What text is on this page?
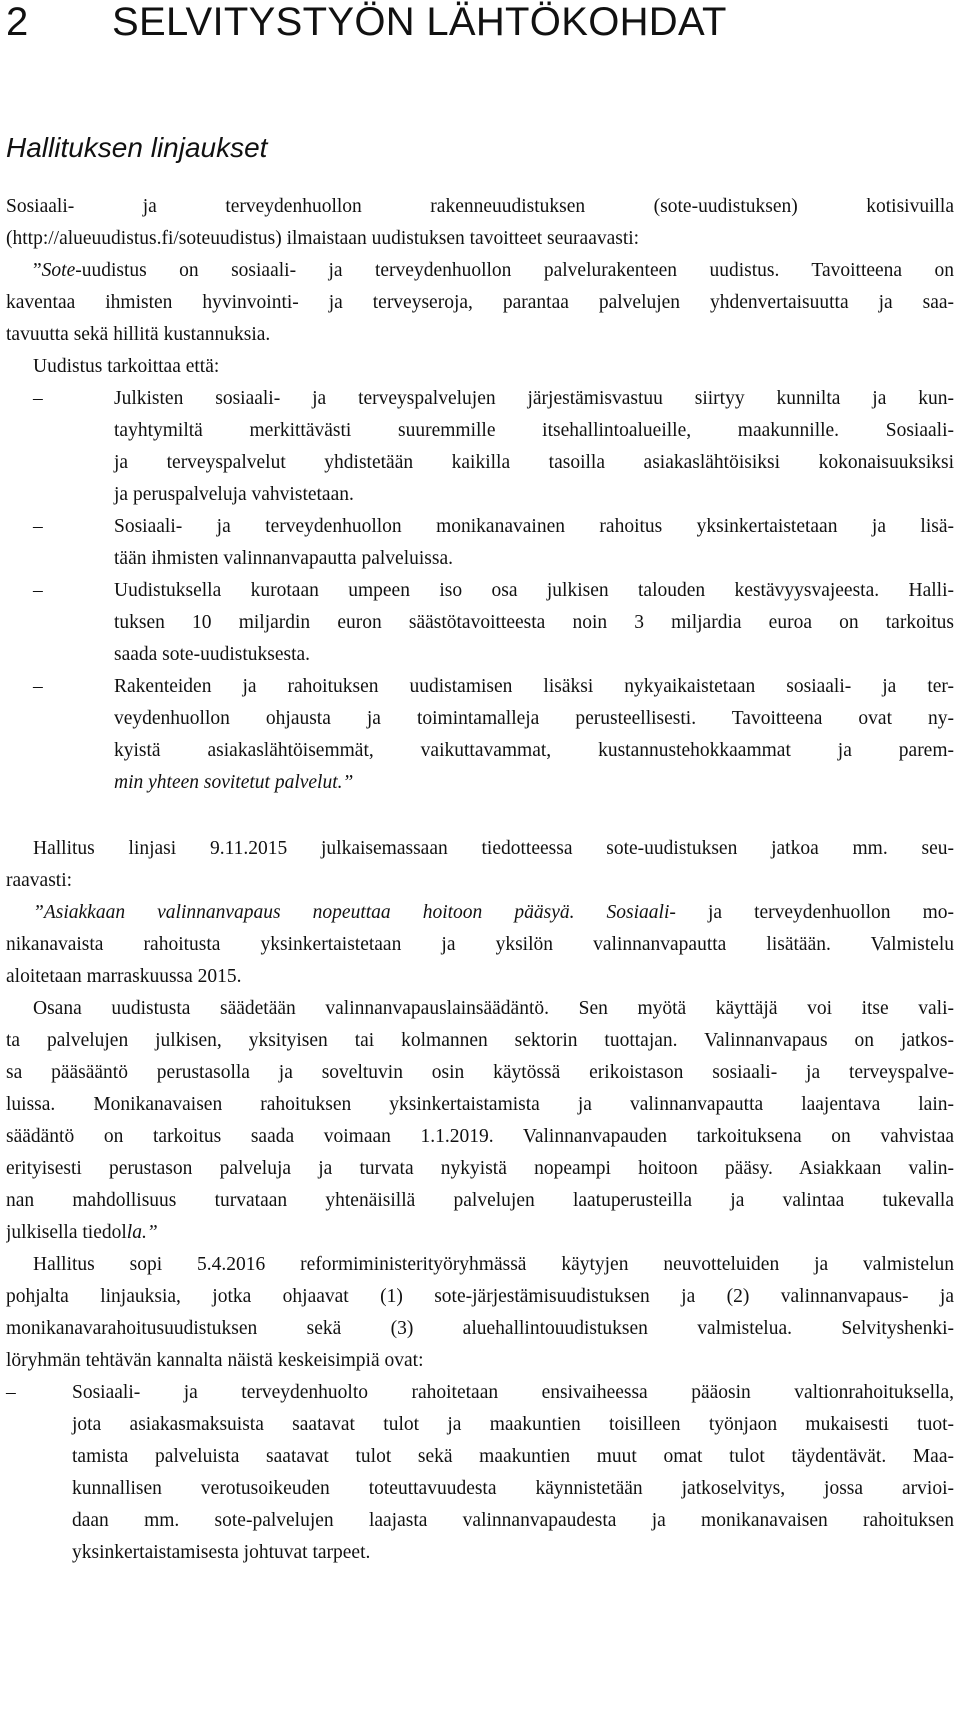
2 SELVITYSTYÖN LÄHTÖKOHDAT
Hallituksen linjaukset
Sosiaali- ja terveydenhuollon rakenneuudistuksen (sote-uudistuksen) kotisivuilla
(http://alueuudistus.fi/soteuudistus) ilmaistaan uudistuksen tavoitteet seuraavasti:
”Sote-uudistus on sosiaali- ja terveydenhuollon palvelurakenteen uudistus. Tavoitteena on
kaventaa ihmisten hyvinvointi- ja terveyseroja, parantaa palvelujen yhdenvertaisuutta ja saa-
tavuutta sekä hillitä kustannuksia.
Uudistus tarkoittaa että:
–	Julkisten sosiaali- ja terveyspalvelujen järjestämisvastuu siirtyy kunnilta ja kun-
tayhtymiltä merkittävästi suuremmille itsehallintoalueille, maakunnille. Sosiaali-
ja terveyspalvelut yhdistetään kaikilla tasoilla asiakaslähtöisiksi kokonaisuuksiksi
ja peruspalveluja vahvistetaan.
–	Sosiaali- ja terveydenhuollon monikanavainen rahoitus yksinkertaistetaan ja lisä-
tään ihmisten valinnanvapautta palveluissa.
–	Uudistuksella kurotaan umpeen iso osa julkisen talouden kestävyysvajeesta. Halli-
tuksen 10 miljardin euron säästötavoitteesta noin 3 miljardia euroa on tarkoitus
saada sote-uudistuksesta.
–	Rakenteiden ja rahoituksen uudistamisen lisäksi nykyaikaistetaan sosiaali- ja ter-
veydenhuollon ohjausta ja toimintamalleja perusteellisesti. Tavoitteena ovat ny-
kyistä asiakaslähtöisemmät, vaikuttavammat, kustannustehokkaammat ja parem-
min yhteen sovitetut palvelut.”
Hallitus linjasi 9.11.2015 julkaisemassaan tiedotteessa sote-uudistuksen jatkoa mm. seu-
raavasti:
”Asiakkaan valinnanvapaus nopeuttaa hoitoon pääsyä. Sosiaali- ja terveydenhuollon mo-
nikanavaista rahoitusta yksinkertaistetaan ja yksilön valinnanvapautta lisätään. Valmistelu
aloitetaan marraskuussa 2015.
Osana uudistusta säädetään valinnanvapauslainsäädäntö. Sen myötä käyttäjä voi itse vali-
ta palvelujen julkisen, yksityisen tai kolmannen sektorin tuottajan. Valinnanvapaus on jatkos-
sa pääsääntö perustasolla ja soveltuvin osin käytössä erikoistason sosiaali- ja terveyspalve-
luissa. Monikanavaisen rahoituksen yksinkertaistamista ja valinnanvapautta laajentava lain-
säädäntö on tarkoitus saada voimaan 1.1.2019. Valinnanvapauden tarkoituksena on vahvistaa
erityisesti perustason palveluja ja turvata nykyistä nopeampi hoitoon pääsy. Asiakkaan valin-
nan mahdollisuus turvataan yhtenäisillä palvelujen laatuperusteilla ja valintaa tukevalla
julkisella tiedolla.”
Hallitus sopi 5.4.2016 reformiministerityöryhmässä käytyjen neuvotteluiden ja valmistelun
pohjalta linjauksia, jotka ohjaavat (1) sote-järjestämisuudistuksen ja (2) valinnanvapaus- ja
monikanavarahoitusuudistuksen sekä (3) aluehallintouudistuksen valmistelua. Selvityshenki-
löryhmän tehtävän kannalta näistä keskeisimpiä ovat:
–	Sosiaali- ja terveydenhuolto rahoitetaan ensivaiheessa pääosin valtionrahoituksella,
jota asiakasmaksuista saatavat tulot ja maakuntien toisilleen työnjaon mukaisesti tuot-
tamista palveluista saatavat tulot sekä maakuntien muut omat tulot täydentävät. Maa-
kunnallisen verotusoikeuden toteuttavuudesta käynnistetään jatkoselvitys, jossa arvioi-
daan mm. sote-palvelujen laajasta valinnanvapaudesta ja monikanavaisen rahoituksen
yksinkertaistamisesta johtuvat tarpeet.
